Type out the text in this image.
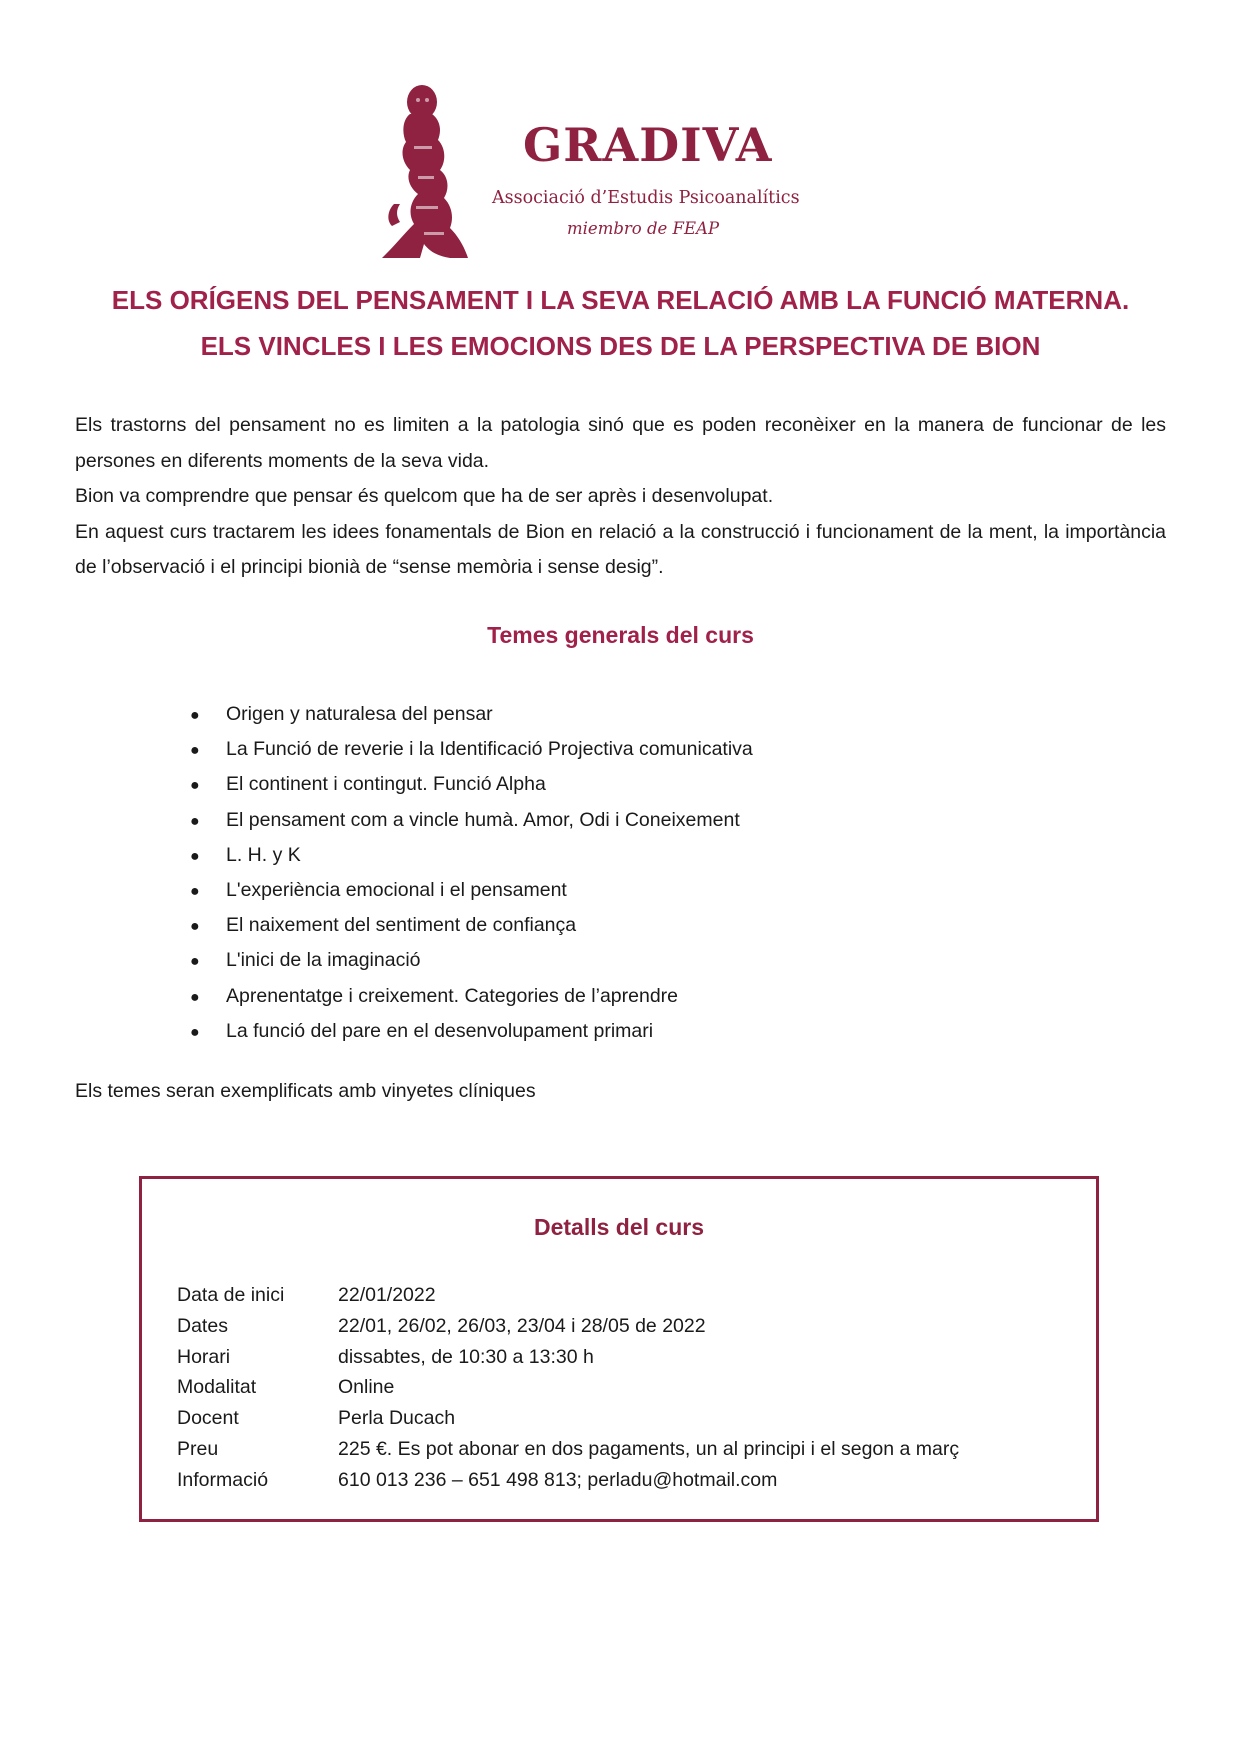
GRADIVA
Associació d’Estudis Psicoanalítics
miembro de FEAP
ELS ORÍGENS DEL PENSAMENT I LA SEVA RELACIÓ AMB LA FUNCIÓ MATERNA.
ELS VINCLES I LES EMOCIONS DES DE LA PERSPECTIVA DE BION

Els trastorns del pensament no es limiten a la patologia sinó que es poden reconèixer en la manera de funcionar de les persones en diferents moments de la seva vida.

Bion va comprendre que pensar és quelcom que ha de ser après i desenvolupat.

En aquest curs tractarem les idees fonamentals de Bion en relació a la construcció i funcionament de la ment, la importància de l’observació i el principi bionià de “sense memòria i sense desig”.

Temes generals del curs
● Origen y naturalesa del pensar
● La Funció de reverie i la Identificació Projectiva comunicativa
● El continent i contingut. Funció Alpha
● El pensament com a vincle humà. Amor, Odi i Coneixement
● L. H. y K
● L'experiència emocional i el pensament
● El naixement del sentiment de confiança
● L'inici de la imaginació
● Aprenentatge i creixement. Categories de l’aprendre
● La funció del pare en el desenvolupament primari

Els temes seran exemplificats amb vinyetes clíniques

Detalls del curs
Data de inici	22/01/2022
Dates	22/01, 26/02, 26/03, 23/04 i 28/05 de 2022
Horari	dissabtes, de 10:30 a 13:30 h
Modalitat	Online
Docent	Perla Ducach
Preu	225 €. Es pot abonar en dos pagaments, un al principi i el segon a març
Informació	610 013 236 – 651 498 813; perladu@hotmail.com
